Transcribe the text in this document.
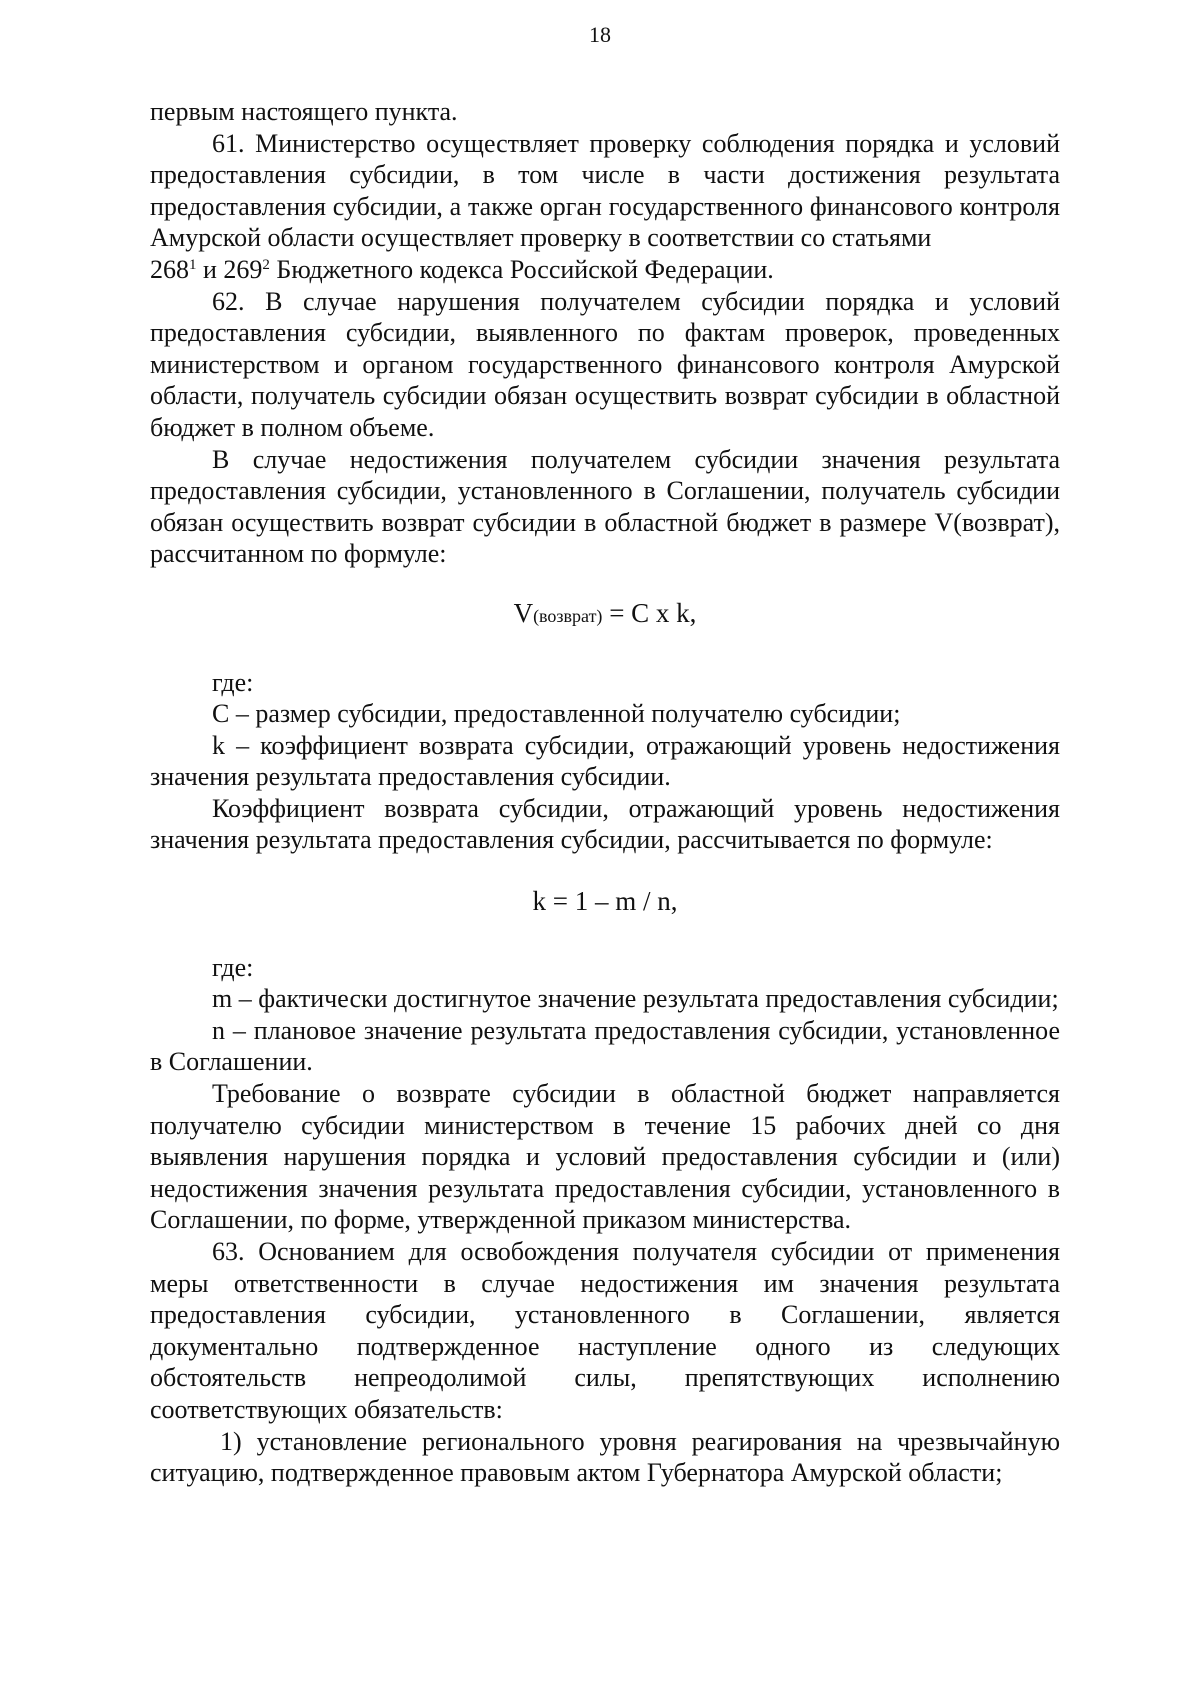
18

первым настоящего пункта.

61. Министерство осуществляет проверку соблюдения порядка и условий предоставления субсидии, в том числе в части достижения результата предоставления субсидии, а также орган государственного финансового контроля Амурской области осуществляет проверку в соответствии со статьями
$268^1$ и $269^2$ Бюджетного кодекса Российской Федерации.

62. В случае нарушения получателем субсидии порядка и условий предоставления субсидии, выявленного по фактам проверок, проведенных министерством и органом государственного финансового контроля Амурской области, получатель субсидии обязан осуществить возврат субсидии в областной бюджет в полном объеме.

В случае недостижения получателем субсидии значения результата предоставления субсидии, установленного в Соглашении, получатель субсидии обязан осуществить возврат субсидии в областной бюджет в размере V(возврат), рассчитанном по формуле:

V(возврат) = С х k,

где:

С – размер субсидии, предоставленной получателю субсидии;

k – коэффициент возврата субсидии, отражающий уровень недостижения значения результата предоставления субсидии.

Коэффициент возврата субсидии, отражающий уровень недостижения значения результата предоставления субсидии, рассчитывается по формуле:

k = 1 – m / n,

где:

m – фактически достигнутое значение результата предоставления субсидии;

n – плановое значение результата предоставления субсидии, установленное в Соглашении.

Требование о возврате субсидии в областной бюджет направляется получателю субсидии министерством в течение 15 рабочих дней со дня выявления нарушения порядка и условий предоставления субсидии и (или) недостижения значения результата предоставления субсидии, установленного в Соглашении, по форме, утвержденной приказом министерства.

63. Основанием для освобождения получателя субсидии от применения меры ответственности в случае недостижения им значения результата предоставления субсидии, установленного в Соглашении, является документально подтвержденное наступление одного из следующих обстоятельств непреодолимой силы, препятствующих исполнению соответствующих обязательств:

1) установление регионального уровня реагирования на чрезвычайную ситуацию, подтвержденное правовым актом Губернатора Амурской области;
